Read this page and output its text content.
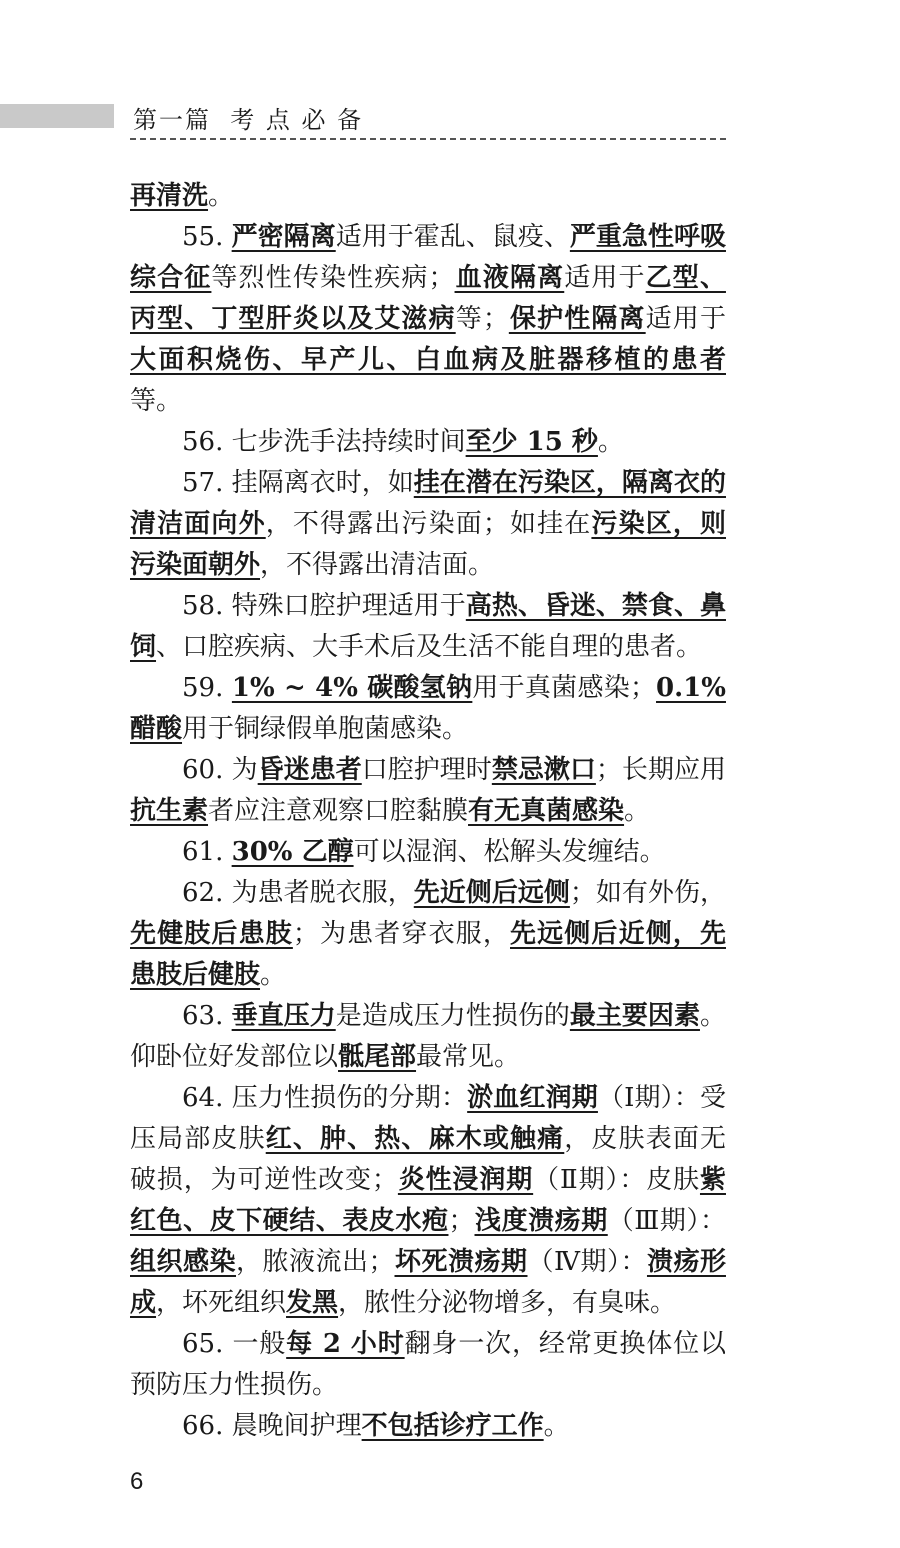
第一篇  考 点 必 备

再清洗。

55. 严密隔离适用于霍乱、鼠疫、严重急性呼吸综合征等烈性传染性疾病；血液隔离适用于乙型、丙型、丁型肝炎以及艾滋病等；保护性隔离适用于大面积烧伤、早产儿、白血病及脏器移植的患者等。

56. 七步洗手法持续时间至少 15 秒。

57. 挂隔离衣时，如挂在潜在污染区，隔离衣的清洁面向外，不得露出污染面；如挂在污染区，则污染面朝外，不得露出清洁面。

58. 特殊口腔护理适用于高热、昏迷、禁食、鼻饲、口腔疾病、大手术后及生活不能自理的患者。

59. 1% ~ 4% 碳酸氢钠用于真菌感染；0.1% 醋酸用于铜绿假单胞菌感染。

60. 为昏迷患者口腔护理时禁忌漱口；长期应用抗生素者应注意观察口腔黏膜有无真菌感染。

61. 30% 乙醇可以湿润、松解头发缠结。

62. 为患者脱衣服，先近侧后远侧；如有外伤，先健肢后患肢；为患者穿衣服，先远侧后近侧，先患肢后健肢。

63. 垂直压力是造成压力性损伤的最主要因素。仰卧位好发部位以骶尾部最常见。

64. 压力性损伤的分期：淤血红润期（Ⅰ期）：受压局部皮肤红、肿、热、麻木或触痛，皮肤表面无破损，为可逆性改变；炎性浸润期（Ⅱ期）：皮肤紫红色、皮下硬结、表皮水疱；浅度溃疡期（Ⅲ期）：组织感染，脓液流出；坏死溃疡期（Ⅳ期）：溃疡形成，坏死组织发黑，脓性分泌物增多，有臭味。

65. 一般每 2 小时翻身一次，经常更换体位以预防压力性损伤。

66. 晨晚间护理不包括诊疗工作。

6
